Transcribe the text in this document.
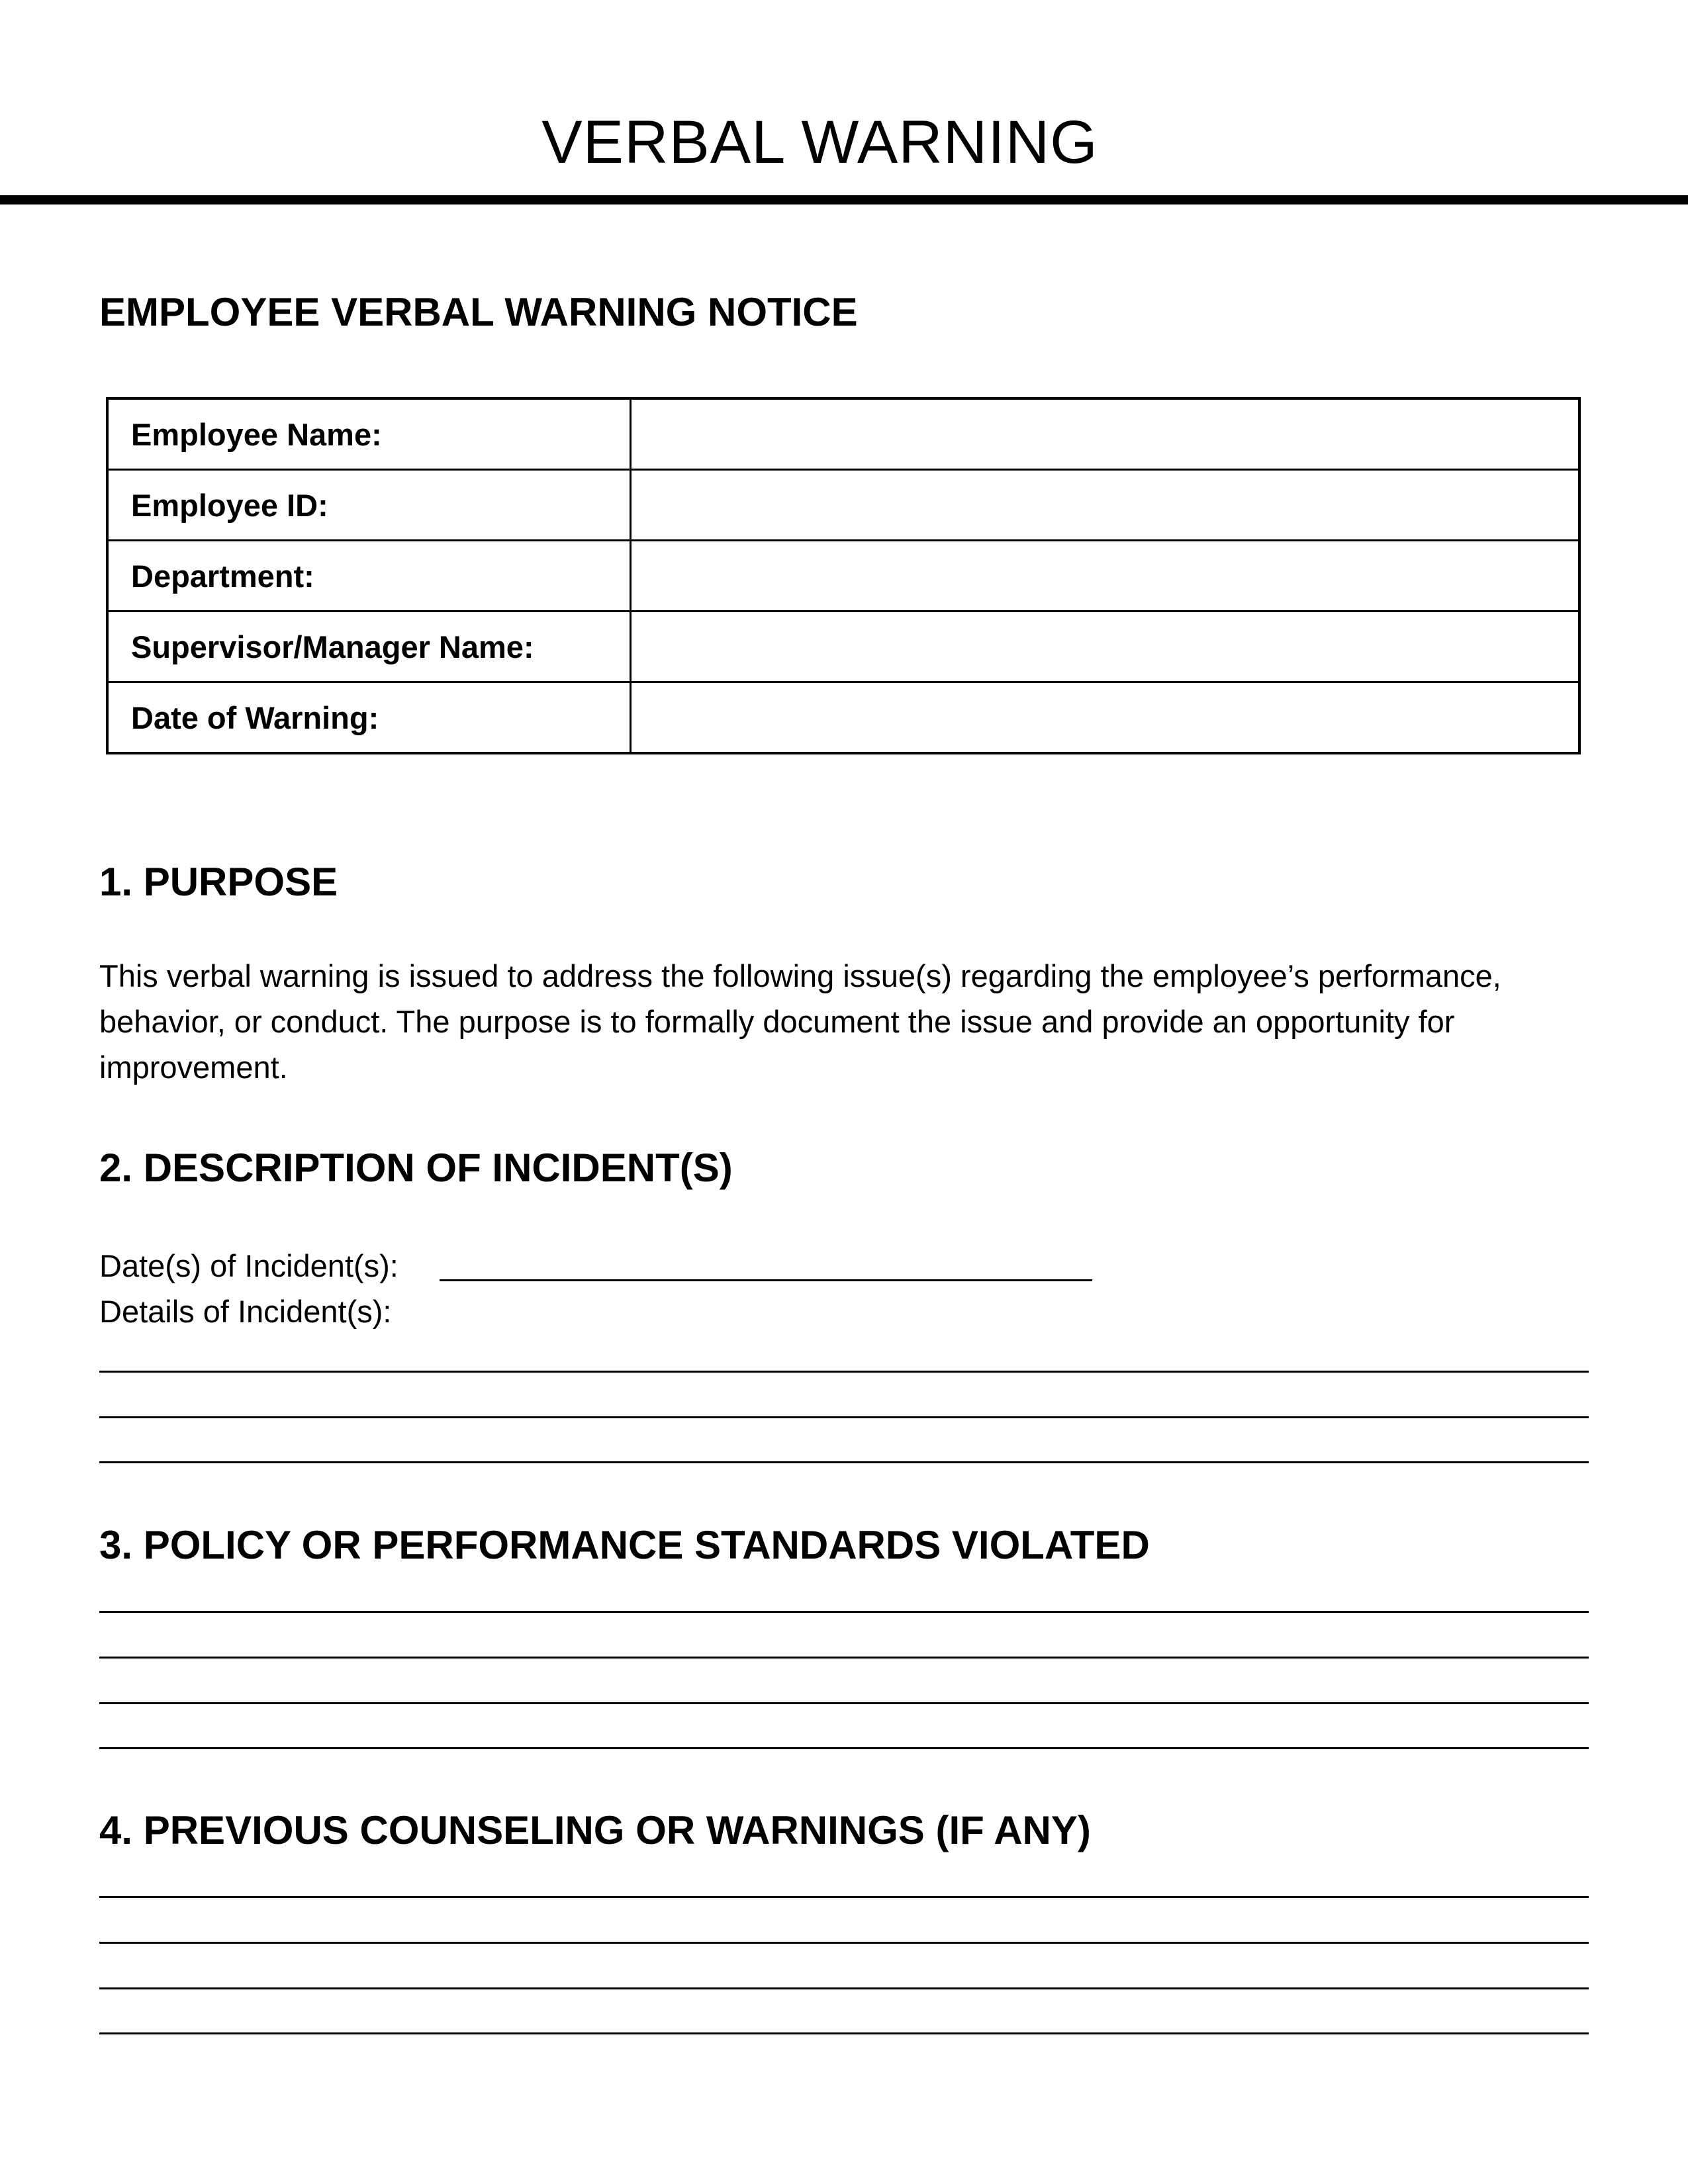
VERBAL WARNING
EMPLOYEE VERBAL WARNING NOTICE
Employee Name:	
Employee ID:	
Department:	
Supervisor/Manager Name:	
Date of Warning:	
1. PURPOSE

This verbal warning is issued to address the following issue(s) regarding the employee’s performance, behavior, or conduct. The purpose is to formally document the issue and provide an opportunity for improvement.

2. DESCRIPTION OF INCIDENT(S)
Date(s) of Incident(s):
Details of Incident(s):
3. POLICY OR PERFORMANCE STANDARDS VIOLATED
4. PREVIOUS COUNSELING OR WARNINGS (IF ANY)
